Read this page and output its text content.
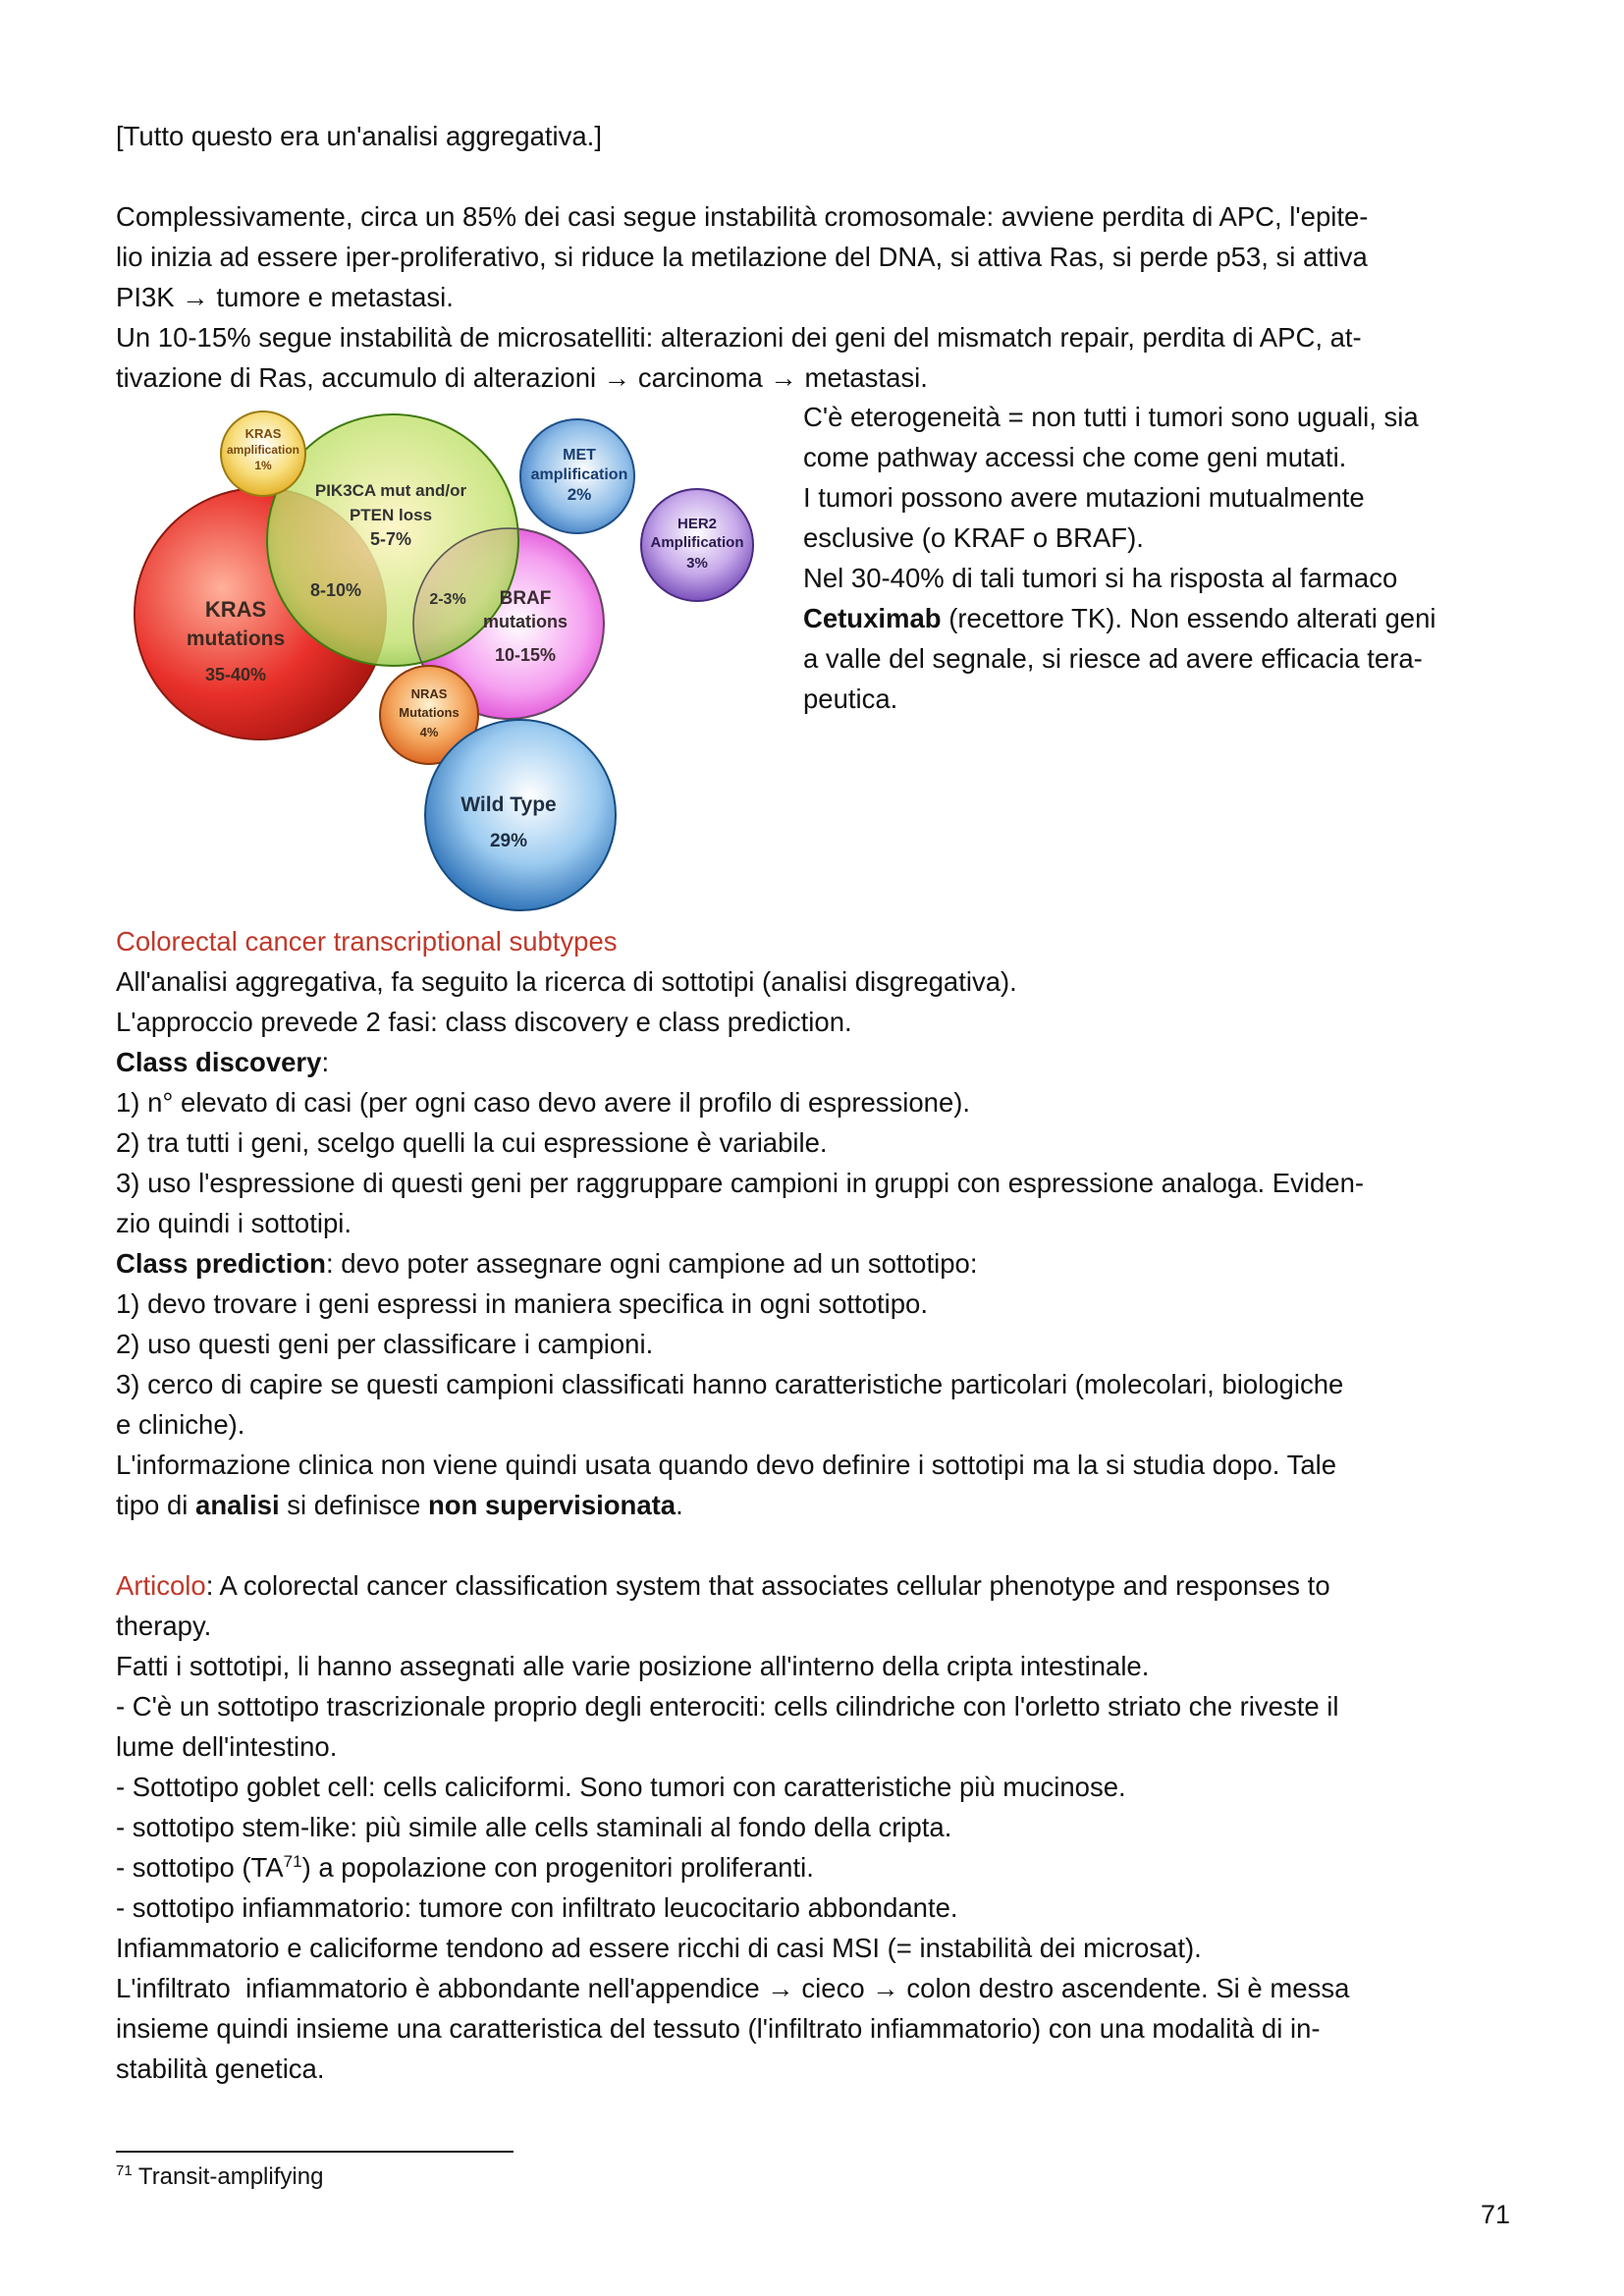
[Tutto questo era un'analisi aggregativa.]

Complessivamente, circa un 85% dei casi segue instabilità cromosomale: avviene perdita di APC, l'epite-
lio inizia ad essere iper-proliferativo, si riduce la metilazione del DNA, si attiva Ras, si perde p53, si attiva
PI3K → tumore e metastasi.

Un 10-15% segue instabilità de microsatelliti: alterazioni dei geni del mismatch repair, perdita di APC, at-
tivazione di Ras, accumulo di alterazioni → carcinoma → metastasi.

KRAS
amplification
1%
MET
amplification
2%
PIK3CA mut and/or
PTEN loss
5-7%
HER2
Amplification
3%
KRAS
mutations
35-40%
8-10%	2-3% BRAF
mutations
10-15%
NRAS
Mutations
4%
Wild Type
29%

C'è eterogeneità = non tutti i tumori sono uguali, sia

come pathway accessi che come geni mutati.

I tumori possono avere mutazioni mutualmente

esclusive (o KRAF o BRAF).

Nel 30-40% di tali tumori si ha risposta al farmaco

Cetuximab (recettore TK). Non essendo alterati geni

a valle del segnale, si riesce ad avere efficacia tera-

peutica.

Colorectal cancer transcriptional subtypes

All'analisi aggregativa, fa seguito la ricerca di sottotipi (analisi disgregativa).

L'approccio prevede 2 fasi: class discovery e class prediction.

Class discovery:

1) n° elevato di casi (per ogni caso devo avere il profilo di espressione).

2) tra tutti i geni, scelgo quelli la cui espressione è variabile.

3) uso l'espressione di questi geni per raggruppare campioni in gruppi con espressione analoga. Eviden-
zio quindi i sottotipi.

Class prediction: devo poter assegnare ogni campione ad un sottotipo:

1) devo trovare i geni espressi in maniera specifica in ogni sottotipo.

2) uso questi geni per classificare i campioni.

3) cerco di capire se questi campioni classificati hanno caratteristiche particolari (molecolari, biologiche
e cliniche).

L'informazione clinica non viene quindi usata quando devo definire i sottotipi ma la si studia dopo. Tale

tipo di analisi si definisce non supervisionata.

Articolo: A colorectal cancer classification system that associates cellular phenotype and responses to
therapy.

Fatti i sottotipi, li hanno assegnati alle varie posizione all'interno della cripta intestinale.

- C'è un sottotipo trascrizionale proprio degli enterociti: cells cilindriche con l'orletto striato che riveste il
lume dell'intestino.

- Sottotipo goblet cell: cells caliciformi. Sono tumori con caratteristiche più mucinose.

- sottotipo stem-like: più simile alle cells staminali al fondo della cripta.

- sottotipo (TA$^{71}$) a popolazione con progenitori proliferanti.

- sottotipo infiammatorio: tumore con infiltrato leucocitario abbondante.

Infiammatorio e caliciforme tendono ad essere ricchi di casi MSI (= instabilità dei microsat).

L'infiltrato  infiammatorio è abbondante nell'appendice → cieco → colon destro ascendente. Si è messa
insieme quindi insieme una caratteristica del tessuto (l'infiltrato infiammatorio) con una modalità di in-
stabilità genetica.

$^{71}$ Transit-amplifying
71
